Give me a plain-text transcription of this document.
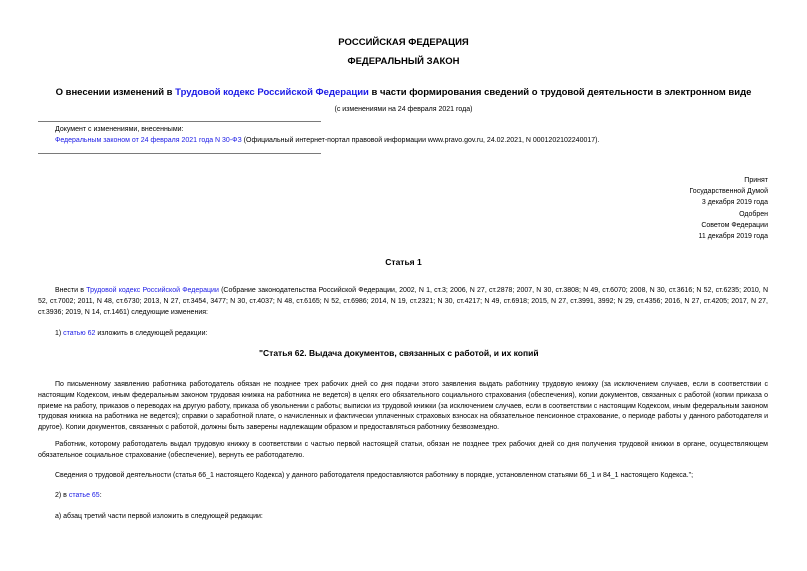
РОССИЙСКАЯ ФЕДЕРАЦИЯ
ФЕДЕРАЛЬНЫЙ ЗАКОН
О внесении изменений в Трудовой кодекс Российской Федерации в части формирования сведений о трудовой деятельности в электронном виде
(с изменениями на 24 февраля 2021 года)
Документ с изменениями, внесенными:
Федеральным законом от 24 февраля 2021 года N 30-ФЗ (Официальный интернет-портал правовой информации www.pravo.gov.ru, 24.02.2021, N 0001202102240017).
Принят
Государственной Думой
3 декабря 2019 года
Одобрен
Советом Федерации
11 декабря 2019 года
Статья 1
Внести в Трудовой кодекс Российской Федерации (Собрание законодательства Российской Федерации, 2002, N 1, ст.3; 2006, N 27, ст.2878; 2007, N 30, ст.3808; N 49, ст.6070; 2008, N 30, ст.3616; N 52, ст.6235; 2010, N 52, ст.7002; 2011, N 48, ст.6730; 2013, N 27, ст.3454, 3477; N 30, ст.4037; N 48, ст.6165; N 52, ст.6986; 2014, N 19, ст.2321; N 30, ст.4217; N 49, ст.6918; 2015, N 27, ст.3991, 3992; N 29, ст.4356; 2016, N 27, ст.4205; 2017, N 27, ст.3936; 2019, N 14, ст.1461) следующие изменения:
1) статью 62 изложить в следующей редакции:
"Статья 62. Выдача документов, связанных с работой, и их копий
По письменному заявлению работника работодатель обязан не позднее трех рабочих дней со дня подачи этого заявления выдать работнику трудовую книжку (за исключением случаев, если в соответствии с настоящим Кодексом, иным федеральным законом трудовая книжка на работника не ведется) в целях его обязательного социального страхования (обеспечения), копии документов, связанных с работой (копии приказа о приеме на работу, приказов о переводах на другую работу, приказа об увольнении с работы; выписки из трудовой книжки (за исключением случаев, если в соответствии с настоящим Кодексом, иным федеральным законом трудовая книжка на работника не ведется); справки о заработной плате, о начисленных и фактически уплаченных страховых взносах на обязательное пенсионное страхование, о периоде работы у данного работодателя и другое). Копии документов, связанных с работой, должны быть заверены надлежащим образом и предоставляться работнику безвозмездно.
Работник, которому работодатель выдал трудовую книжку в соответствии с частью первой настоящей статьи, обязан не позднее трех рабочих дней со дня получения трудовой книжки в органе, осуществляющем обязательное социальное страхование (обеспечение), вернуть ее работодателю.
Сведения о трудовой деятельности (статья 66_1 настоящего Кодекса) у данного работодателя предоставляются работнику в порядке, установленном статьями 66_1 и 84_1 настоящего Кодекса.";
2) в статье 65:
а) абзац третий части первой изложить в следующей редакции:
